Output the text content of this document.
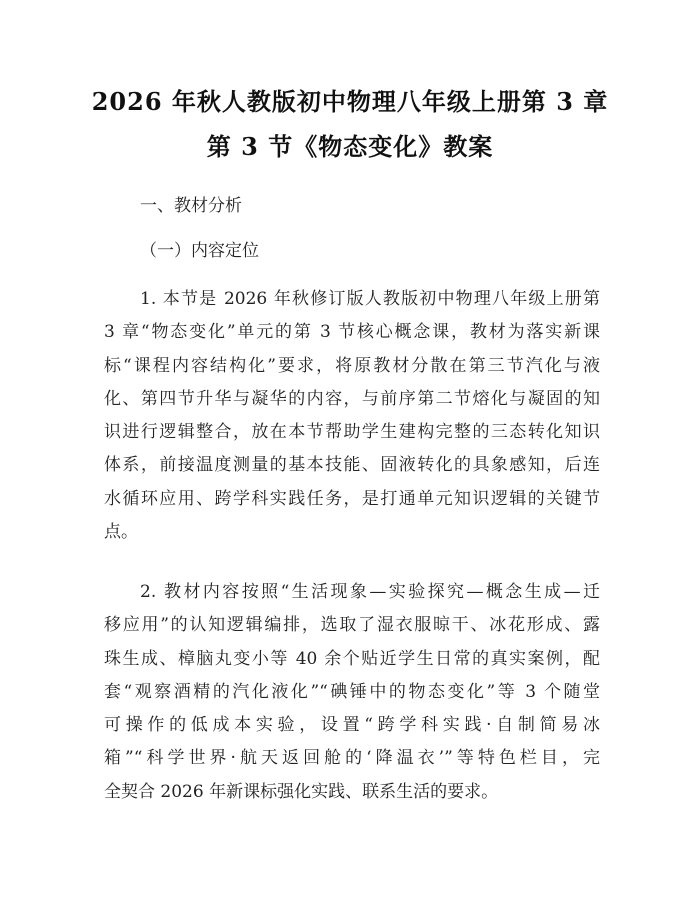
2026 年秋人教版初中物理八年级上册第 3 章
第 3 节《物态变化》教案
一、教材分析
（一）内容定位
1. 本节是 2026 年秋修订版人教版初中物理八年级上册第
3 章“物态变化”单元的第 3 节核心概念课，教材为落实新课
标“课程内容结构化”要求，将原教材分散在第三节汽化与液
化、第四节升华与凝华的内容，与前序第二节熔化与凝固的知
识进行逻辑整合，放在本节帮助学生建构完整的三态转化知识
体系，前接温度测量的基本技能、固液转化的具象感知，后连
水循环应用、跨学科实践任务，是打通单元知识逻辑的关键节
点。
2. 教材内容按照“生活现象—实验探究—概念生成—迁
移应用”的认知逻辑编排，选取了湿衣服晾干、冰花形成、露
珠生成、樟脑丸变小等 40 余个贴近学生日常的真实案例，配
套“观察酒精的汽化液化”“碘锤中的物态变化”等 3 个随堂
可操作的低成本实验，设置“跨学科实践·自制简易冰
箱”“科学世界·航天返回舱的‘降温衣’”等特色栏目，完
全契合 2026 年新课标强化实践、联系生活的要求。
